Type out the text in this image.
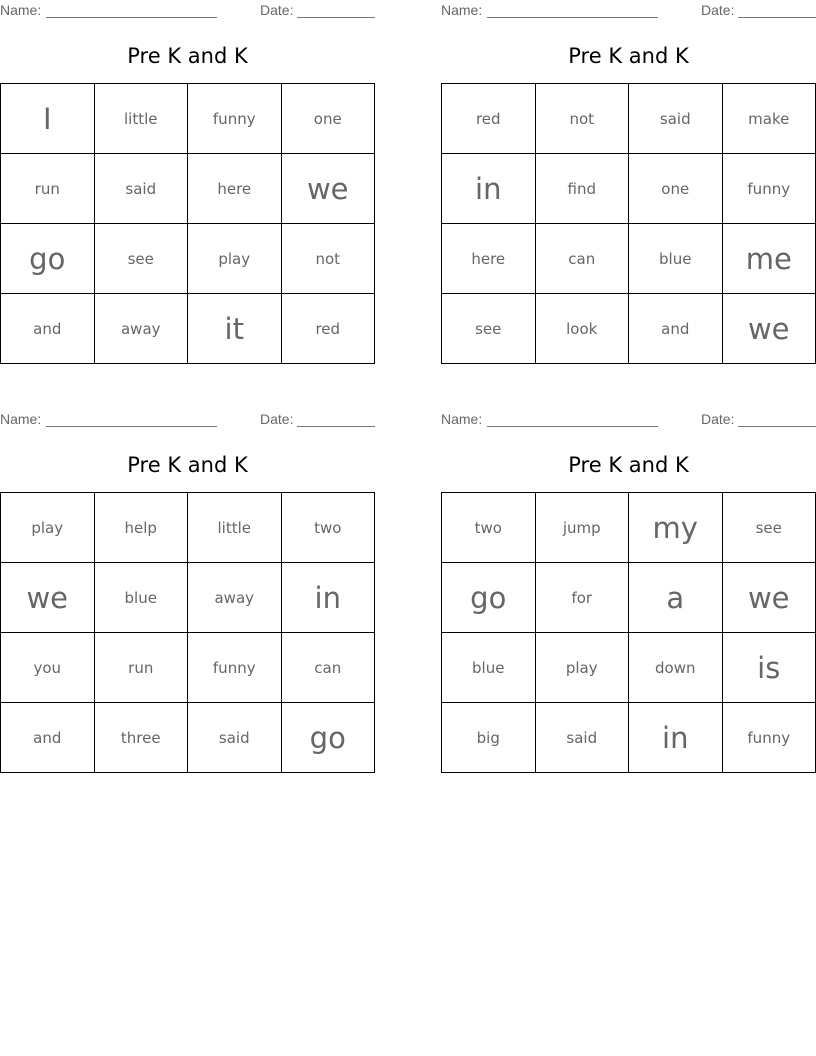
Name:	Date:
Pre K and K
I	little	funny	one
run	said	here	we
go	see	play	not
and	away	it	red
Name:	Date:
Pre K and K
red	not	said	make
in	find	one	funny
here	can	blue	me
see	look	and	we
Name:	Date:
Pre K and K
play	help	little	two
we	blue	away	in
you	run	funny	can
and	three	said	go
Name:	Date:
Pre K and K
two	jump	my	see
go	for	a	we
blue	play	down	is
big	said	in	funny
